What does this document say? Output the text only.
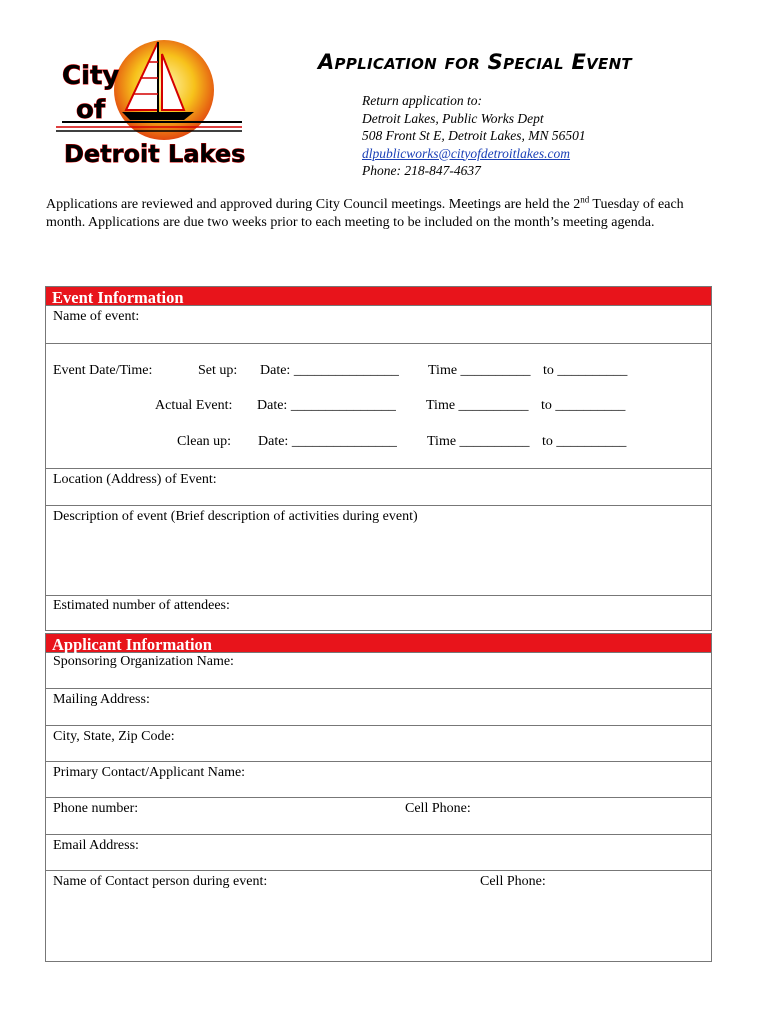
City
of
Detroit Lakes
Application for Special Event
Return application to:
Detroit Lakes, Public Works Dept
508 Front St E, Detroit Lakes, MN 56501
dlpublicworks@cityofdetroitlakes.com
Phone: 218-847-4637

Applications are reviewed and approved during City Council meetings. Meetings are held the 2nd Tuesday of each month. Applications are due two weeks prior to each meeting to be included on the month’s meeting agenda.

Event Information
Name of event:
Event Date/Time:	Set up: Date: _______________ Time __________ to __________
Actual Event: Date: _______________ Time __________ to __________
Clean up: Date: _______________ Time __________ to __________
Location (Address) of Event:
Description of event (Brief description of activities during event)
Estimated number of attendees:
Applicant Information
Sponsoring Organization Name:
Mailing Address:
City, State, Zip Code:
Primary Contact/Applicant Name:
Phone number:	Cell Phone:
Email Address:
Name of Contact person during event:	Cell Phone:
